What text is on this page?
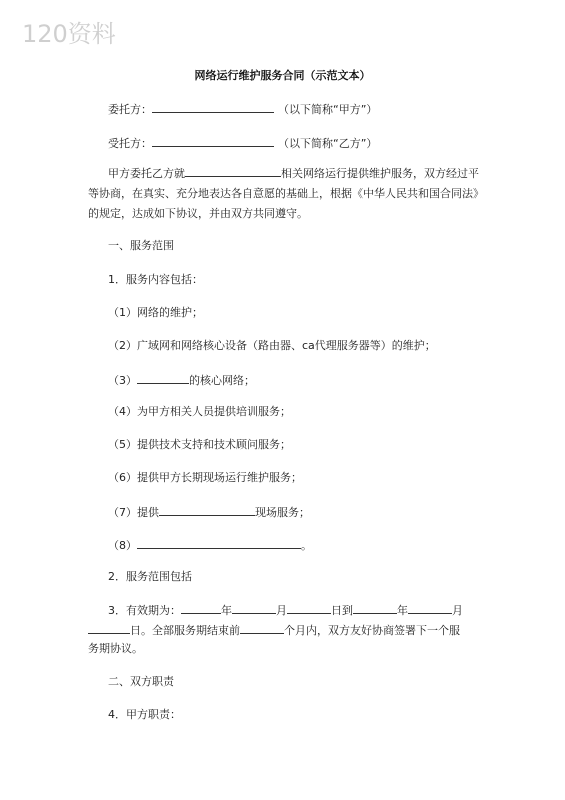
120资料
网络运行维护服务合同（示范文本）
委托方：	（以下简称“甲方”）
受托方：	（以下简称“乙方”）
甲方委托乙方就	相关网络运行提供维护服务，双方经过平等协商，在真实、充分地表达各自意愿的基础上，根据《中华人民共和国合同法》的规定，达成如下协议，并由双方共同遵守。
一、服务范围
1．服务内容包括：
（1）网络的维护；
（2）广域网和网络核心设备（路由器、ca代理服务器等）的维护；
（3）	的核心网络；
（4）为甲方相关人员提供培训服务；
（5）提供技术支持和技术顾问服务；
（6）提供甲方长期现场运行维护服务；
（7）提供	现场服务；
（8）	。
2．服务范围包括
3．有效期为：	年	月	日到	年	月
日。全部服务期结束前	个月内，双方友好协商签署下一个服
务期协议。
二、双方职责
4．甲方职责：
